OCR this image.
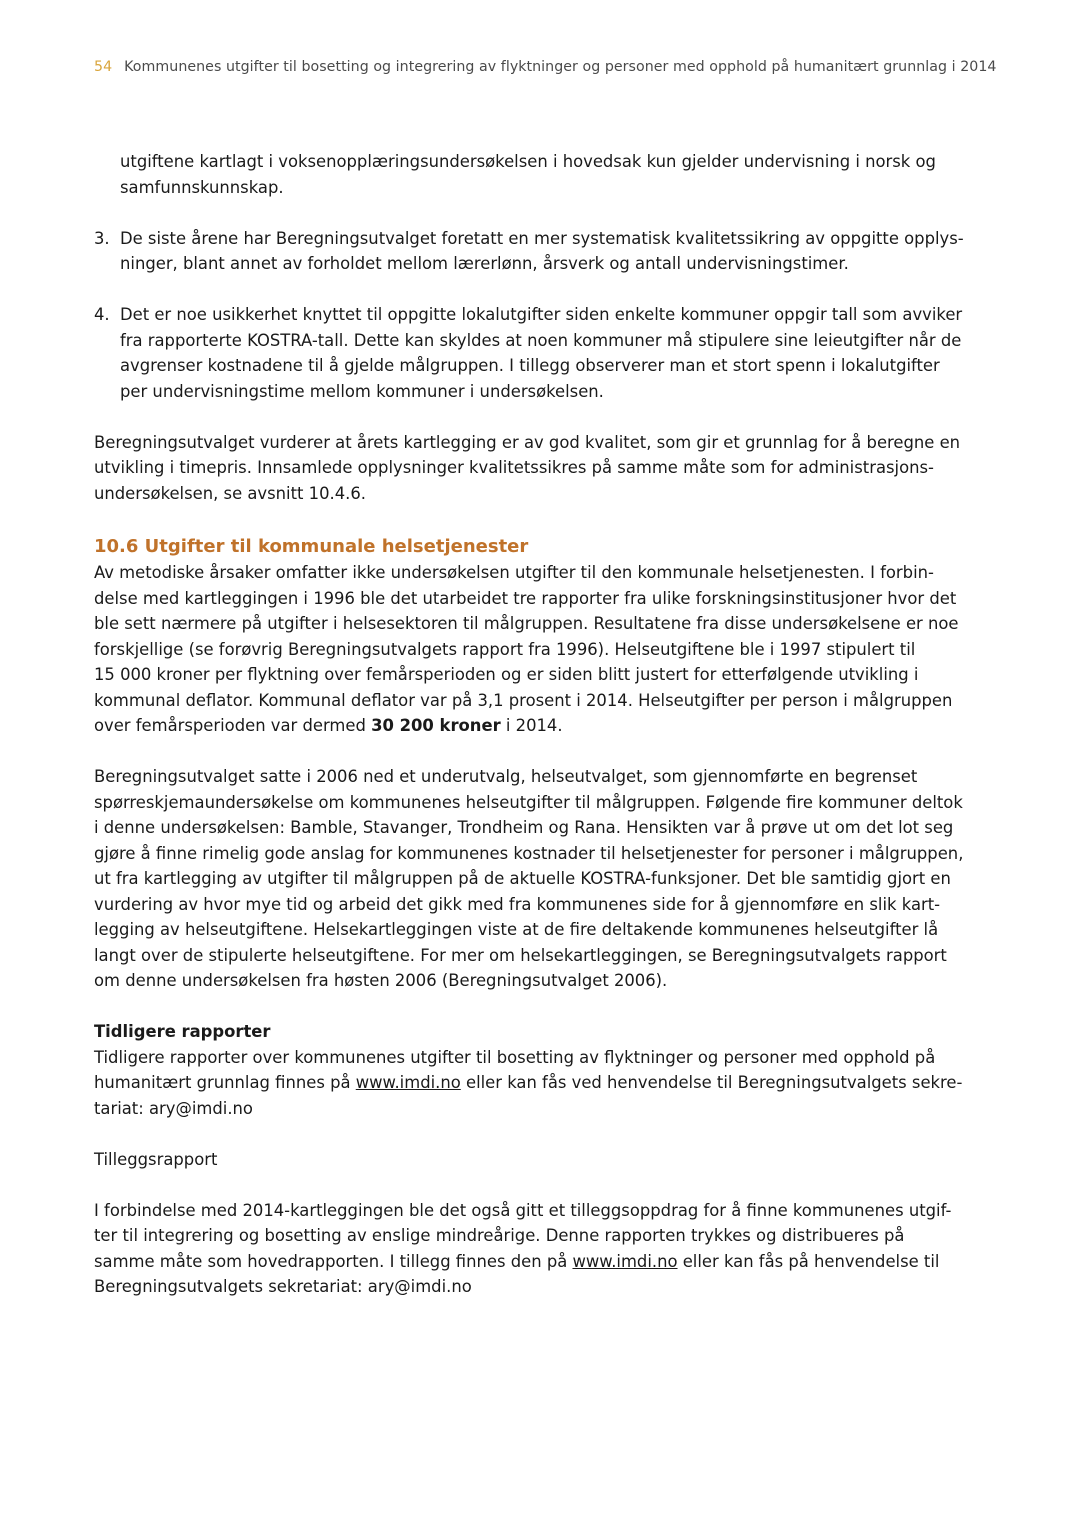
54 Kommunenes utgifter til bosetting og integrering av flyktninger og personer med opphold på humanitært grunnlag i 2014

utgiftene kartlagt i voksenopplæringsundersøkelsen i hovedsak kun gjelder undervisning i norsk og

samfunnskunnskap.

3. De siste årene har Beregningsutvalget foretatt en mer systematisk kvalitetssikring av oppgitte opplys-

ninger, blant annet av forholdet mellom lærerlønn, årsverk og antall undervisningstimer.

4. Det er noe usikkerhet knyttet til oppgitte lokalutgifter siden enkelte kommuner oppgir tall som avviker

fra rapporterte KOSTRA-tall. Dette kan skyldes at noen kommuner må stipulere sine leieutgifter når de

avgrenser kostnadene til å gjelde målgruppen. I tillegg observerer man et stort spenn i lokalutgifter

per undervisningstime mellom kommuner i undersøkelsen.

Beregningsutvalget vurderer at årets kartlegging er av god kvalitet, som gir et grunnlag for å beregne en

utvikling i timepris. Innsamlede opplysninger kvalitetssikres på samme måte som for administrasjons-

undersøkelsen, se avsnitt 10.4.6.

10.6 Utgifter til kommunale helsetjenester

Av metodiske årsaker omfatter ikke undersøkelsen utgifter til den kommunale helsetjenesten. I forbin-

delse med kartleggingen i 1996 ble det utarbeidet tre rapporter fra ulike forskningsinstitusjoner hvor det

ble sett nærmere på utgifter i helsesektoren til målgruppen. Resultatene fra disse undersøkelsene er noe

forskjellige (se forøvrig Beregningsutvalgets rapport fra 1996). Helseutgiftene ble i 1997 stipulert til

15 000 kroner per flyktning over femårsperioden og er siden blitt justert for etterfølgende utvikling i

kommunal deflator. Kommunal deflator var på 3,1 prosent i 2014. Helseutgifter per person i målgruppen

over femårsperioden var dermed 30 200 kroner i 2014.

Beregningsutvalget satte i 2006 ned et underutvalg, helseutvalget, som gjennomførte en begrenset

spørreskjemaundersøkelse om kommunenes helseutgifter til målgruppen. Følgende fire kommuner deltok

i denne undersøkelsen: Bamble, Stavanger, Trondheim og Rana. Hensikten var å prøve ut om det lot seg

gjøre å finne rimelig gode anslag for kommunenes kostnader til helsetjenester for personer i målgruppen,

ut fra kartlegging av utgifter til målgruppen på de aktuelle KOSTRA-funksjoner. Det ble samtidig gjort en

vurdering av hvor mye tid og arbeid det gikk med fra kommunenes side for å gjennomføre en slik kart-

legging av helseutgiftene. Helsekartleggingen viste at de fire deltakende kommunenes helseutgifter lå

langt over de stipulerte helseutgiftene. For mer om helsekartleggingen, se Beregningsutvalgets rapport

om denne undersøkelsen fra høsten 2006 (Beregningsutvalget 2006).

Tidligere rapporter

Tidligere rapporter over kommunenes utgifter til bosetting av flyktninger og personer med opphold på

humanitært grunnlag finnes på www.imdi.no eller kan fås ved henvendelse til Beregningsutvalgets sekre-

tariat: ary@imdi.no

Tilleggsrapport

I forbindelse med 2014-kartleggingen ble det også gitt et tilleggsoppdrag for å finne kommunenes utgif-

ter til integrering og bosetting av enslige mindreårige. Denne rapporten trykkes og distribueres på

samme måte som hovedrapporten. I tillegg finnes den på www.imdi.no eller kan fås på henvendelse til

Beregningsutvalgets sekretariat: ary@imdi.no
